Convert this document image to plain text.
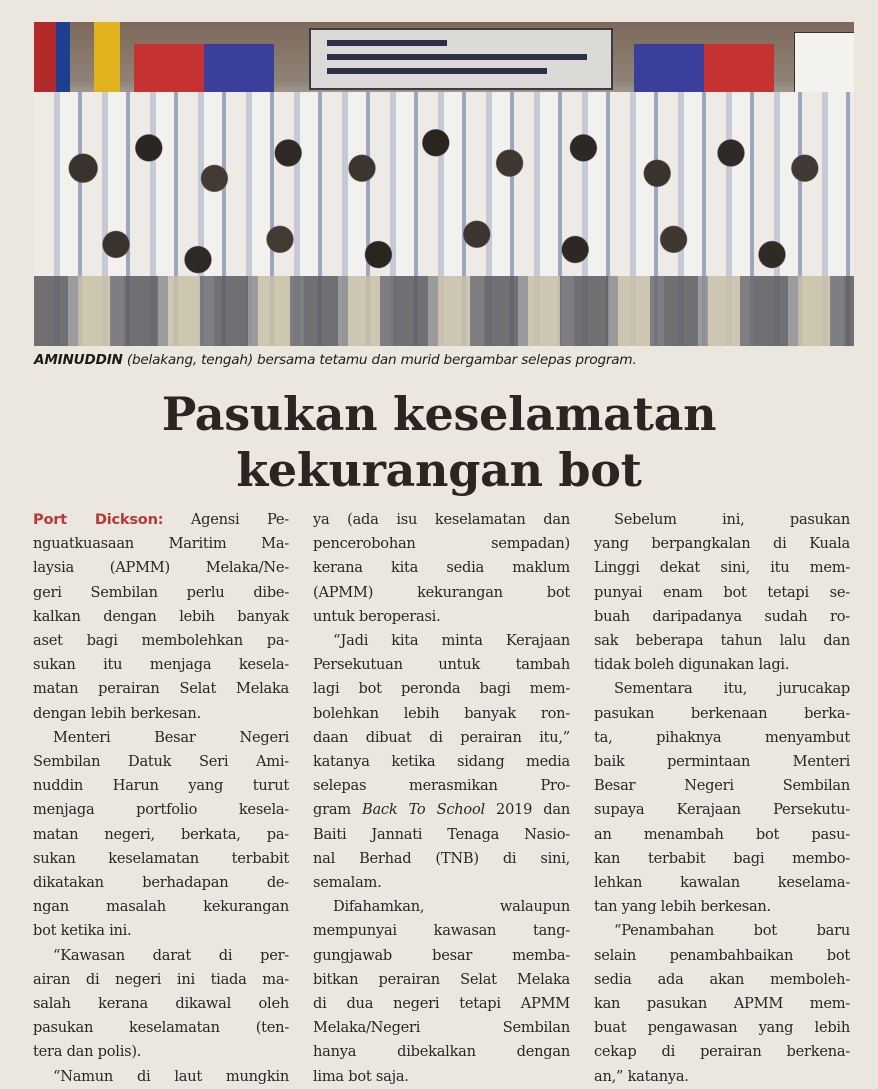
AMINUDDIN (belakang, tengah) bersama tetamu dan murid bergambar selepas program.
Pasukan keselamatan
kekurangan bot
Port Dickson: Agensi Pe-
nguatkuasaan Maritim Ma-
laysia (APMM) Melaka/Ne-
geri Sembilan perlu dibe-
kalkan dengan lebih banyak
aset bagi membolehkan pa-
sukan itu menjaga kesela-
matan perairan Selat Melaka
dengan lebih berkesan.
Menteri Besar Negeri
Sembilan Datuk Seri Ami-
nuddin Harun yang turut
menjaga portfolio kesela-
matan negeri, berkata, pa-
sukan keselamatan terbabit
dikatakan berhadapan de-
ngan masalah kekurangan
bot ketika ini.
“Kawasan darat di per-
airan di negeri ini tiada ma-
salah kerana dikawal oleh
pasukan keselamatan (ten-
tera dan polis).
“Namun di laut mungkin
ya (ada isu keselamatan dan
pencerobohan sempadan)
kerana kita sedia maklum
(APMM) kekurangan bot
untuk beroperasi.
“Jadi kita minta Kerajaan
Persekutuan untuk tambah
lagi bot peronda bagi mem-
bolehkan lebih banyak ron-
daan dibuat di perairan itu,”
katanya ketika sidang media
selepas merasmikan Pro-
gram Back To School 2019 dan
Baiti Jannati Tenaga Nasio-
nal Berhad (TNB) di sini,
semalam.
Difahamkan, walaupun
mempunyai kawasan tang-
gungjawab besar memba-
bitkan perairan Selat Melaka
di dua negeri tetapi APMM
Melaka/Negeri Sembilan
hanya dibekalkan dengan
lima bot saja.
Sebelum ini, pasukan
yang berpangkalan di Kuala
Linggi dekat sini, itu mem-
punyai enam bot tetapi se-
buah daripadanya sudah ro-
sak beberapa tahun lalu dan
tidak boleh digunakan lagi.
Sementara itu, jurucakap
pasukan berkenaan berka-
ta, pihaknya menyambut
baik permintaan Menteri
Besar Negeri Sembilan
supaya Kerajaan Persekutu-
an menambah bot pasu-
kan terbabit bagi membo-
lehkan kawalan keselama-
tan yang lebih berkesan.
“Penambahan bot baru
selain penambahbaikan bot
sedia ada akan memboleh-
kan pasukan APMM mem-
buat pengawasan yang lebih
cekap di perairan berkena-
an,” katanya.
